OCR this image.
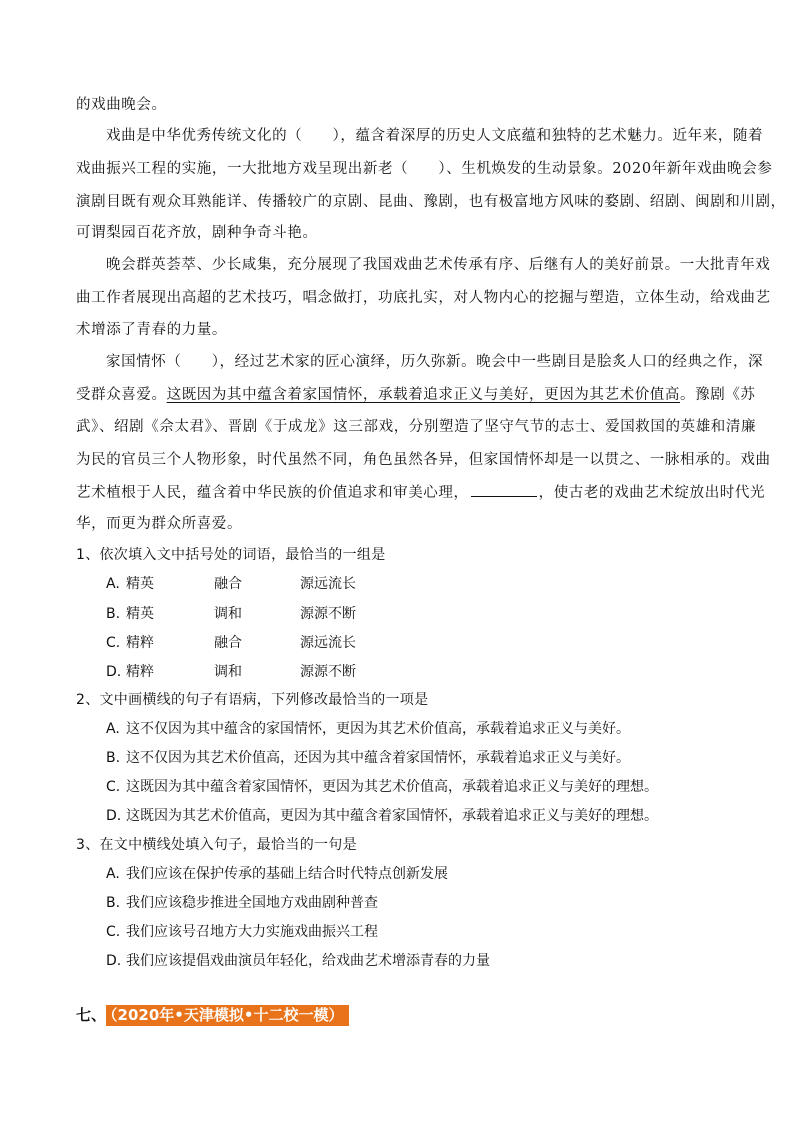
的戏曲晚会。
戏曲是中华优秀传统文化的（　　），蕴含着深厚的历史人文底蕴和独特的艺术魅力。近年来，随着
戏曲振兴工程的实施，一大批地方戏呈现出新老（　　）、生机焕发的生动景象。2020年新年戏曲晚会参
演剧目既有观众耳熟能详、传播较广的京剧、昆曲、豫剧，也有极富地方风味的婺剧、绍剧、闽剧和川剧，
可谓梨园百花齐放，剧种争奇斗艳。
晚会群英荟萃、少长咸集，充分展现了我国戏曲艺术传承有序、后继有人的美好前景。一大批青年戏
曲工作者展现出高超的艺术技巧，唱念做打，功底扎实，对人物内心的挖掘与塑造，立体生动，给戏曲艺
术增添了青春的力量。
家国情怀（　　），经过艺术家的匠心演绎，历久弥新。晚会中一些剧目是脍炙人口的经典之作，深
受群众喜爱。这既因为其中蕴含着家国情怀，承载着追求正义与美好，更因为其艺术价值高。豫剧《苏
武》、绍剧《佘太君》、晋剧《于成龙》这三部戏，分别塑造了坚守气节的志士、爱国救国的英雄和清廉
为民的官员三个人物形象，时代虽然不同，角色虽然各异，但家国情怀却是一以贯之、一脉相承的。戏曲
艺术植根于人民，蕴含着中华民族的价值追求和审美心理，	，使古老的戏曲艺术绽放出时代光
华，而更为群众所喜爱。
1、依次填入文中括号处的词语，最恰当的一组是
A. 精英	融合	源远流长
B. 精英	调和	源源不断
C. 精粹	融合	源远流长
D. 精粹	调和	源源不断
2、文中画横线的句子有语病，下列修改最恰当的一项是
A. 这不仅因为其中蕴含的家国情怀，更因为其艺术价值高，承载着追求正义与美好。
B. 这不仅因为其艺术价值高，还因为其中蕴含着家国情怀，承载着追求正义与美好。
C. 这既因为其中蕴含着家国情怀，更因为其艺术价值高，承载着追求正义与美好的理想。
D. 这既因为其艺术价值高，更因为其中蕴含着家国情怀，承载着追求正义与美好的理想。
3、在文中横线处填入句子，最恰当的一句是
A. 我们应该在保护传承的基础上结合时代特点创新发展
B. 我们应该稳步推进全国地方戏曲剧种普查
C. 我们应该号召地方大力实施戏曲振兴工程
D. 我们应该提倡戏曲演员年轻化，给戏曲艺术增添青春的力量
七、 （2020年•天津模拟•十二校一模）
